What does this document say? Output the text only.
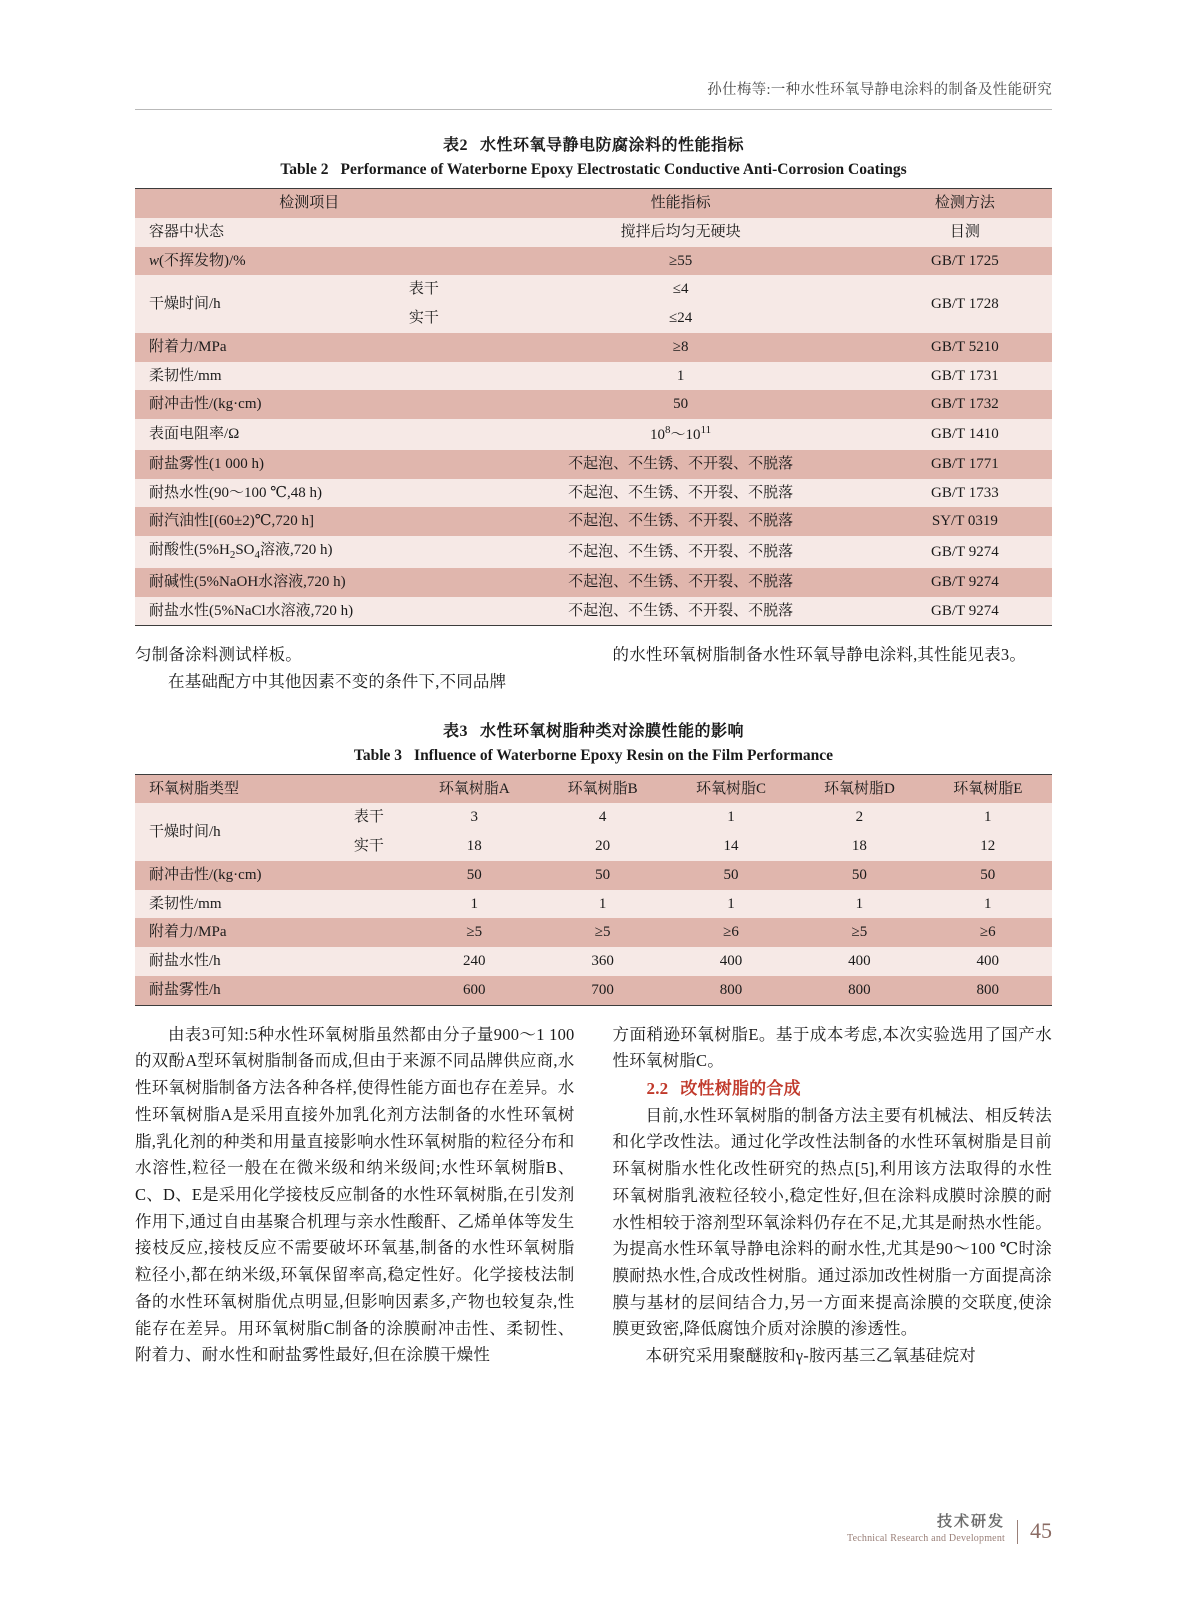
孙仕梅等:一种水性环氧导静电涂料的制备及性能研究
表2 水性环氧导静电防腐涂料的性能指标
Table 2 Performance of Waterborne Epoxy Electrostatic Conductive Anti-Corrosion Coatings
检测项目		性能指标	检测方法
容器中状态		搅拌后均匀无硬块	目测
w(不挥发物)/%		≥55	GB/T 1725
干燥时间/h	表干	≤4	GB/T 1728
	实干	≤24	
附着力/MPa		≥8	GB/T 5210
柔韧性/mm		1	GB/T 1731
耐冲击性/(kg·cm)		50	GB/T 1732
表面电阻率/Ω		$10^8\sim 10^{11}$	GB/T 1410
耐盐雾性(1 000 h)		不起泡、不生锈、不开裂、不脱落	GB/T 1771
耐热水性(90～100 ℃,48 h)		不起泡、不生锈、不开裂、不脱落	GB/T 1733
耐汽油性[(60±2)℃,720 h]		不起泡、不生锈、不开裂、不脱落	SY/T 0319
耐酸性($5\%H_2SO_4$溶液,720 h)		不起泡、不生锈、不开裂、不脱落	GB/T 9274
耐碱性(5%NaOH水溶液,720 h)		不起泡、不生锈、不开裂、不脱落	GB/T 9274
耐盐水性(5%NaCl水溶液,720 h)		不起泡、不生锈、不开裂、不脱落	GB/T 9274

匀制备涂料测试样板。

在基础配方中其他因素不变的条件下,不同品牌

的水性环氧树脂制备水性环氧导静电涂料,其性能见表3。

表3 水性环氧树脂种类对涂膜性能的影响
Table 3 Influence of Waterborne Epoxy Resin on the Film Performance
环氧树脂类型		环氧树脂A	环氧树脂B	环氧树脂C	环氧树脂D	环氧树脂E
干燥时间/h	表干	3	4	1	2	1
	实干	18	20	14	18	12
耐冲击性/(kg·cm)		50	50	50	50	50
柔韧性/mm		1	1	1	1	1
附着力/MPa		≥5	≥5	≥6	≥5	≥6
耐盐水性/h		240	360	400	400	400
耐盐雾性/h		600	700	800	800	800

由表3可知:5种水性环氧树脂虽然都由分子量900～1 100的双酚A型环氧树脂制备而成,但由于来源不同品牌供应商,水性环氧树脂制备方法各种各样,使得性能方面也存在差异。水性环氧树脂A是采用直接外加乳化剂方法制备的水性环氧树脂,乳化剂的种类和用量直接影响水性环氧树脂的粒径分布和水溶性,粒径一般在在微米级和纳米级间;水性环氧树脂B、C、D、E是采用化学接枝反应制备的水性环氧树脂,在引发剂作用下,通过自由基聚合机理与亲水性酸酐、乙烯单体等发生接枝反应,接枝反应不需要破坏环氧基,制备的水性环氧树脂粒径小,都在纳米级,环氧保留率高,稳定性好。化学接枝法制备的水性环氧树脂优点明显,但影响因素多,产物也较复杂,性能存在差异。用环氧树脂C制备的涂膜耐冲击性、柔韧性、附着力、耐水性和耐盐雾性最好,但在涂膜干燥性

方面稍逊环氧树脂E。基于成本考虑,本次实验选用了国产水性环氧树脂C。

2.2 改性树脂的合成

目前,水性环氧树脂的制备方法主要有机械法、相反转法和化学改性法。通过化学改性法制备的水性环氧树脂是目前环氧树脂水性化改性研究的热点[5],利用该方法取得的水性环氧树脂乳液粒径较小,稳定性好,但在涂料成膜时涂膜的耐水性相较于溶剂型环氧涂料仍存在不足,尤其是耐热水性能。为提高水性环氧导静电涂料的耐水性,尤其是90～100 ℃时涂膜耐热水性,合成改性树脂。通过添加改性树脂一方面提高涂膜与基材的层间结合力,另一方面来提高涂膜的交联度,使涂膜更致密,降低腐蚀介质对涂膜的渗透性。

本研究采用聚醚胺和γ-胺丙基三乙氧基硅烷对

技术研发
Technical Research and Development	45
